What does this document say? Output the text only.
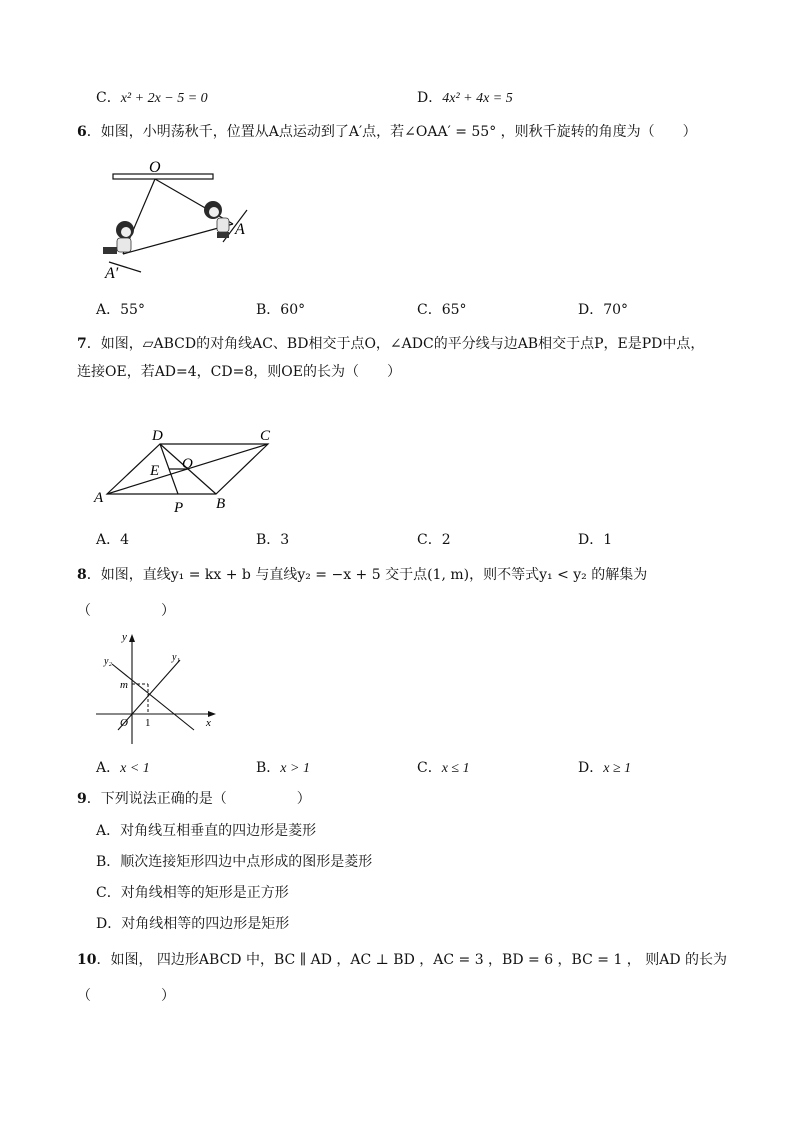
C．x² + 2x − 5 = 0	D．4x² + 4x = 5
6．如图，小明荡秋千，位置从A点运动到了A′点，若∠OAA′ = 55° ，则秋千旋转的角度为（　　）
O
A
A′
A．55°	B．60°	C．65°	D．70°
7．如图，▱ABCD的对角线AC、BD相交于点O，∠ADC的平分线与边AB相交于点P，E是PD中点，
连接OE，若AD=4，CD=8，则OE的长为（　　）
D	C
A	B
E O
P
A．4	B．3	C．2	D．1
8．如图，直线y₁ = kx + b 与直线y₂ = −x + 5 交于点(1, m)，则不等式y₁ < y₂ 的解集为
（　　　　　）
y
x
O 1
m
y₁
y₂
A．x < 1	B．x > 1	C．x ≤ 1	D．x ≥ 1
9．下列说法正确的是（　　　　　）
A．对角线互相垂直的四边形是菱形
B．顺次连接矩形四边中点形成的图形是菱形
C．对角线相等的矩形是正方形
D．对角线相等的四边形是矩形
10．如图， 四边形ABCD 中，BC ∥ AD ，AC ⊥ BD ，AC = 3 ，BD = 6 ，BC = 1 ， 则AD 的长为
（　　　　　）
